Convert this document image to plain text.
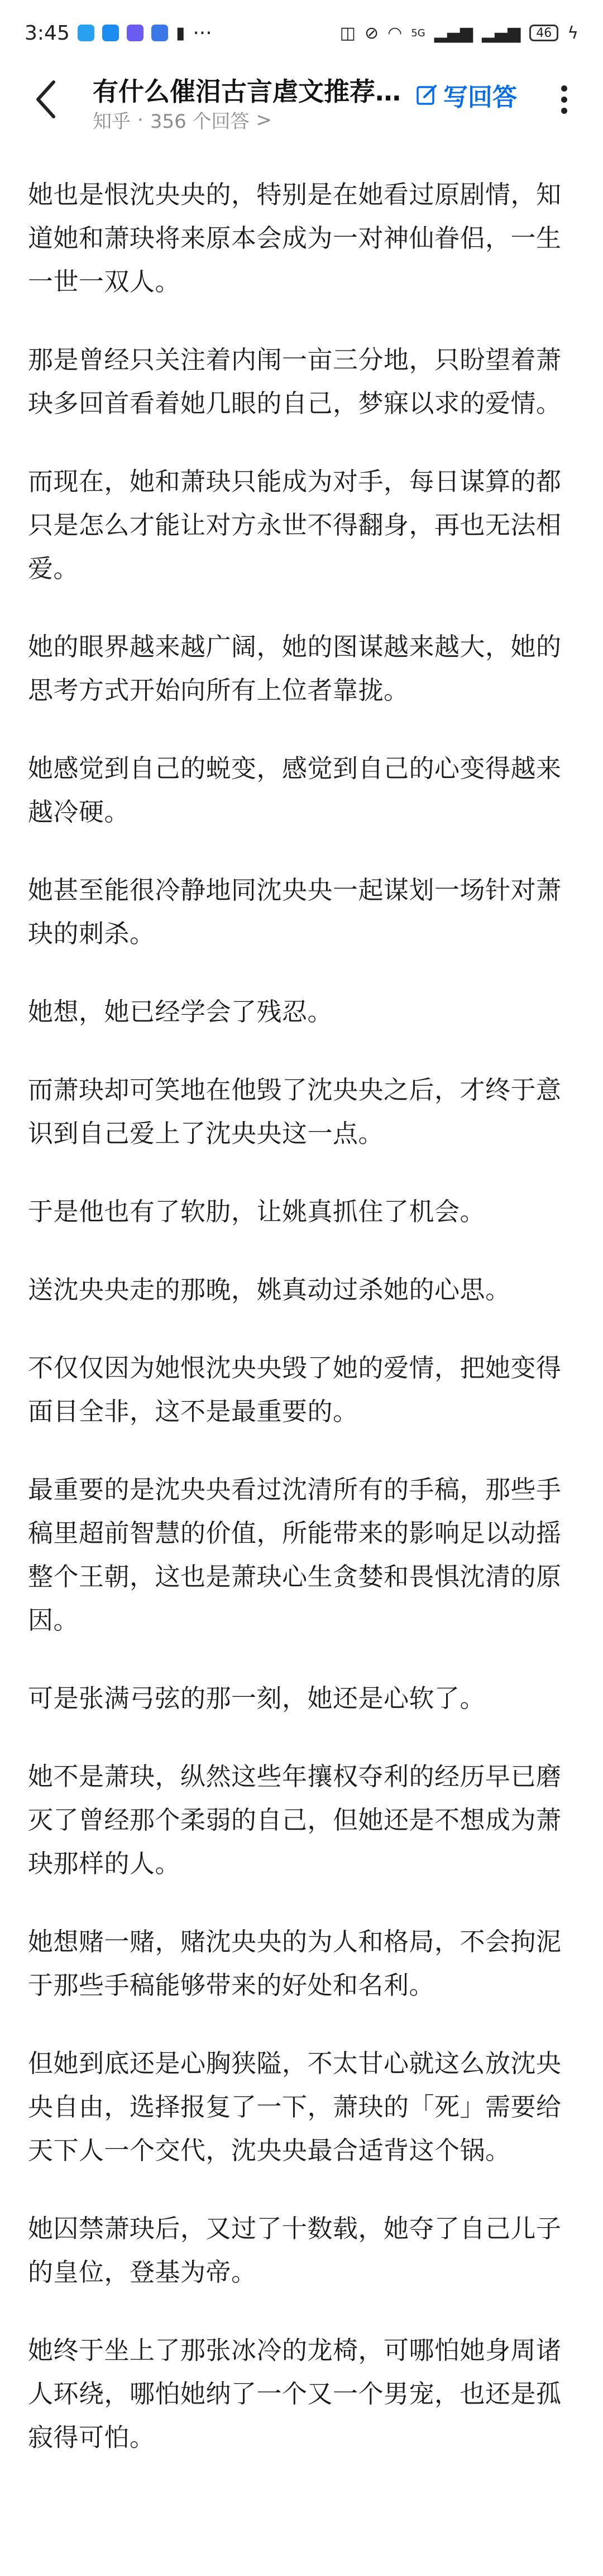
3:45	▮ ···	◫ ⊘ ◠ 5G ▂▄▆ ▂▄▆	46 ϟ
有什么催泪古言虐文推荐…
知乎 · 356 个回答 >
写回答

她也是恨沈央央的，特别是在她看过原剧情，知道她和萧玦将来原本会成为一对神仙眷侣，一生一世一双人。

那是曾经只关注着内闱一亩三分地，只盼望着萧玦多回首看着她几眼的自己，梦寐以求的爱情。

而现在，她和萧玦只能成为对手，每日谋算的都只是怎么才能让对方永世不得翻身，再也无法相爱。

她的眼界越来越广阔，她的图谋越来越大，她的思考方式开始向所有上位者靠拢。

她感觉到自己的蜕变，感觉到自己的心变得越来越冷硬。

她甚至能很冷静地同沈央央一起谋划一场针对萧玦的刺杀。

她想，她已经学会了残忍。

而萧玦却可笑地在他毁了沈央央之后，才终于意识到自己爱上了沈央央这一点。

于是他也有了软肋，让姚真抓住了机会。

送沈央央走的那晚，姚真动过杀她的心思。

不仅仅因为她恨沈央央毁了她的爱情，把她变得面目全非，这不是最重要的。

最重要的是沈央央看过沈清所有的手稿，那些手稿里超前智慧的价值，所能带来的影响足以动摇整个王朝，这也是萧玦心生贪婪和畏惧沈清的原因。

可是张满弓弦的那一刻，她还是心软了。

她不是萧玦，纵然这些年攘权夺利的经历早已磨灭了曾经那个柔弱的自己，但她还是不想成为萧玦那样的人。

她想赌一赌，赌沈央央的为人和格局，不会拘泥于那些手稿能够带来的好处和名利。

但她到底还是心胸狭隘，不太甘心就这么放沈央央自由，选择报复了一下，萧玦的「死」需要给天下人一个交代，沈央央最合适背这个锅。

她囚禁萧玦后，又过了十数载，她夺了自己儿子的皇位，登基为帝。

她终于坐上了那张冰冷的龙椅，可哪怕她身周诸人环绕，哪怕她纳了一个又一个男宠，也还是孤寂得可怕。
